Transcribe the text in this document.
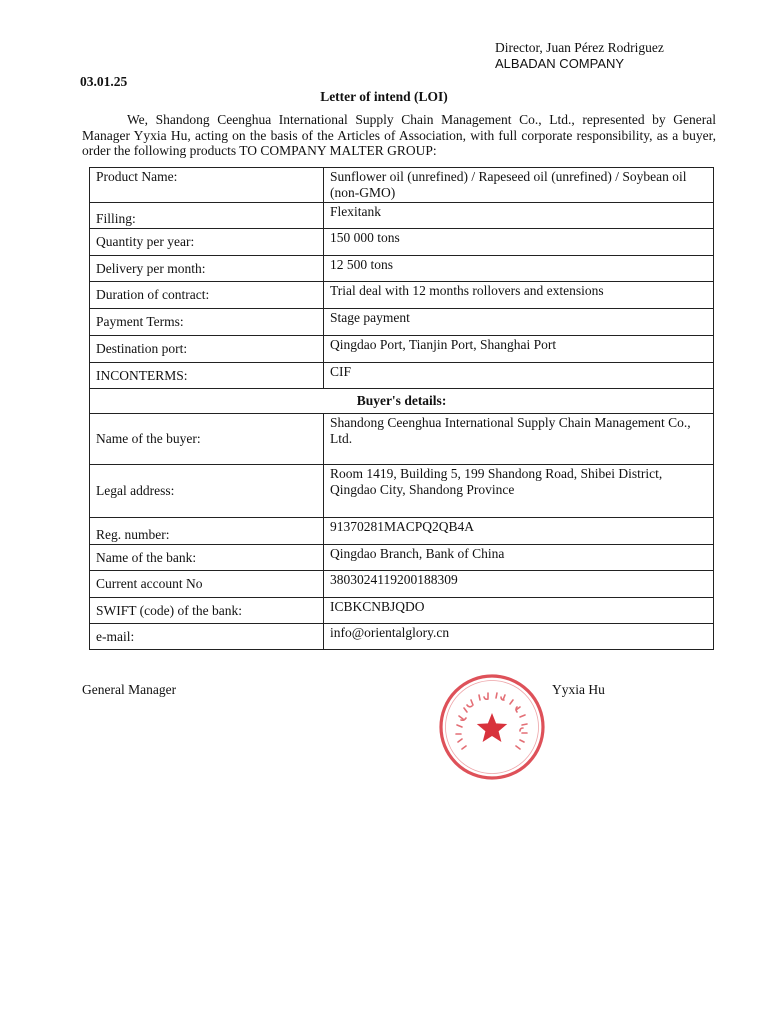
Director, Juan Pérez Rodriguez
ALBADAN COMPANY
03.01.25
Letter of intend (LOI)

We, Shandong Ceenghua International Supply Chain Management Co., Ltd., represented by General Manager Yyxia Hu, acting on the basis of the Articles of Association, with full corporate responsibility, as a buyer, order the following products TO COMPANY MALTER GROUP:

Product Name:	Sunflower oil (unrefined) / Rapeseed oil (unrefined) / Soybean oil (non-GMO)
Filling:	Flexitank
Quantity per year:	150 000 tons
Delivery per month:	12 500 tons
Duration of contract:	Trial deal with 12 months rollovers and extensions
Payment Terms:	Stage payment
Destination port:	Qingdao Port, Tianjin Port, Shanghai Port
INCONTERMS:	CIF
Buyer's details:	
Name of the buyer:	Shandong Ceenghua International Supply Chain Management Co., Ltd.
Legal address:	Room 1419, Building 5, 199 Shandong Road, Shibei District, Qingdao City, Shandong Province
Reg. number:	91370281MACPQ2QB4A
Name of the bank:	Qingdao Branch, Bank of China
Current account No	3803024119200188309
SWIFT (code) of the bank:	ICBKCNBJQDO
e-mail:	info@orientalglory.cn
General Manager	Yyxia Hu
